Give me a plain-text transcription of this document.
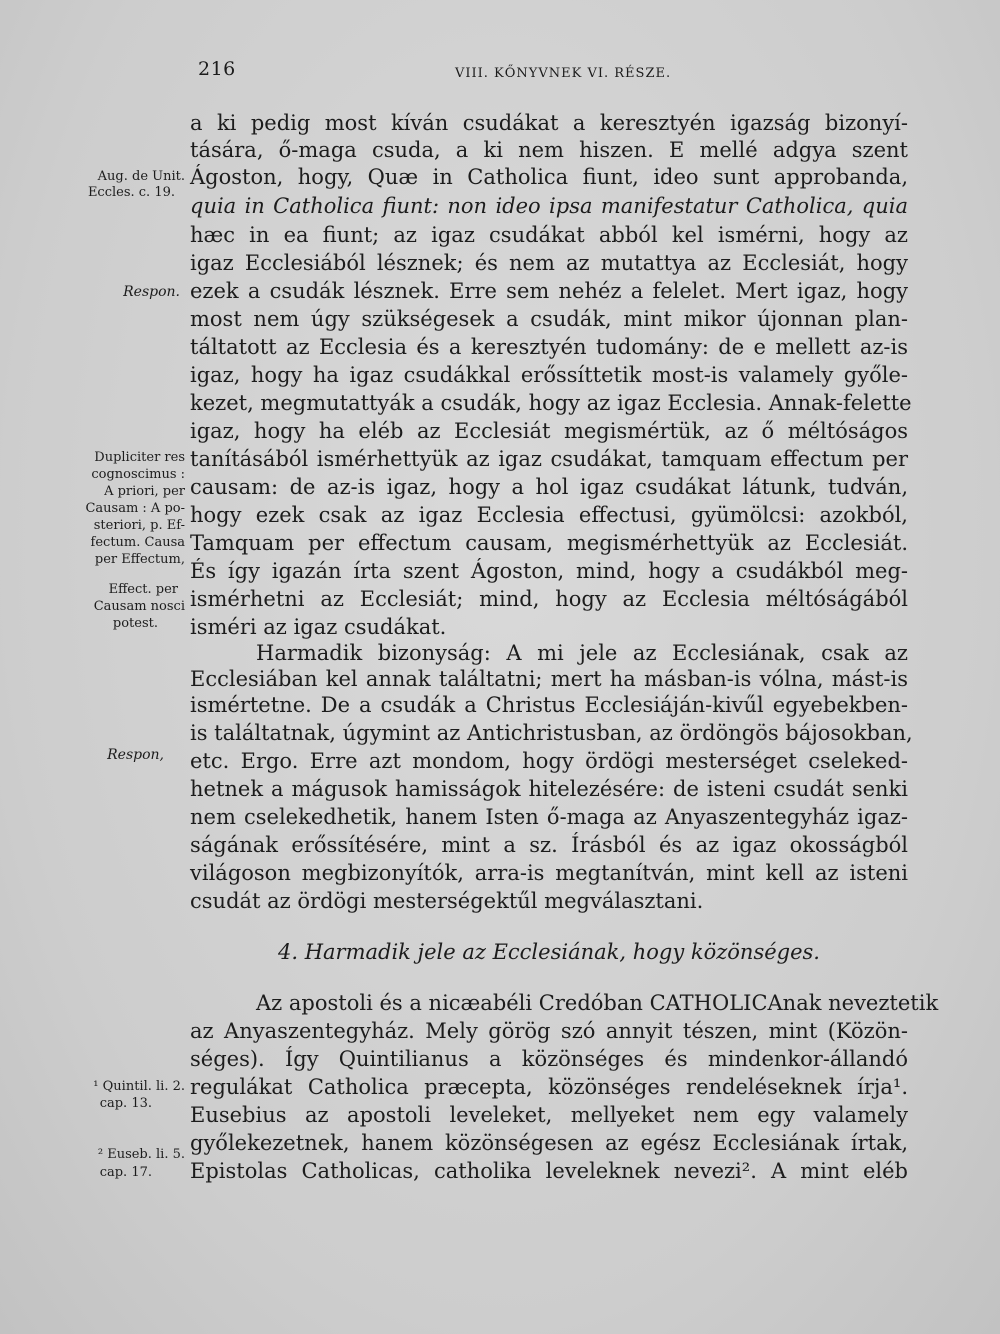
216	VIII. KŐNYVNEK VI. RÉSZE.
a ki pedig most kíván csudákat a keresztyén igazság bizonyí-
tására, ő-maga csuda, a ki nem hiszen. E mellé adgya szent
Ágoston, hogy, Quæ in Catholica fiunt, ideo sunt approbanda,
quia in Catholica fiunt: non ideo ipsa manifestatur Catholica, quia
hæc in ea fiunt; az igaz csudákat abból kel ismérni, hogy az
igaz Ecclesiából lésznek; és nem az mutattya az Ecclesiát, hogy
ezek a csudák lésznek. Erre sem nehéz a felelet. Mert igaz, hogy
most nem úgy szükségesek a csudák, mint mikor újonnan plan-
táltatott az Ecclesia és a keresztyén tudomány: de e mellett az-is
igaz, hogy ha igaz csudákkal erőssíttetik most-is valamely győle-
kezet, megmutattyák a csudák, hogy az igaz Ecclesia. Annak-felette
igaz, hogy ha eléb az Ecclesiát megismértük, az ő méltóságos
tanításából ismérhettyük az igaz csudákat, tamquam effectum per
causam: de az-is igaz, hogy a hol igaz csudákat látunk, tudván,
hogy ezek csak az igaz Ecclesia effectusi, gyümölcsi: azokból,
Tamquam per effectum causam, megismérhettyük az Ecclesiát.
És így igazán írta szent Ágoston, mind, hogy a csudákból meg-
ismérhetni az Ecclesiát; mind, hogy az Ecclesia méltóságából
isméri az igaz csudákat.
Harmadik bizonyság: A mi jele az Ecclesiának, csak az
Ecclesiában kel annak találtatni; mert ha másban-is vólna, mást-is
ismértetne. De a csudák a Christus Ecclesiáján-kivűl egyebekben-
is találtatnak, úgymint az Antichristusban, az ördöngös bájosokban,
etc. Ergo. Erre azt mondom, hogy ördögi mesterséget cseleked-
hetnek a mágusok hamisságok hitelezésére: de isteni csudát senki
nem cselekedhetik, hanem Isten ő-maga az Anyaszentegyház igaz-
ságának erőssítésére, mint a sz. Írásból és az igaz okosságból
világoson megbizonyítók, arra-is megtanítván, mint kell az isteni
csudát az ördögi mesterségektűl megválasztani.
4. Harmadik jele az Ecclesiának, hogy közönséges.
Az apostoli és a nicæabéli Credóban CATHOLICAnak neveztetik
az Anyaszentegyház. Mely görög szó annyit tészen, mint (Közön-
séges). Így Quintilianus a közönséges és mindenkor-állandó
regulákat Catholica præcepta, közönséges rendeléseknek írja¹.
Eusebius az apostoli leveleket, mellyeket nem egy valamely
győlekezetnek, hanem közönségesen az egész Ecclesiának írtak,
Epistolas Catholicas, catholika leveleknek nevezi². A mint eléb
Aug. de Unit.
Eccles. c. 19.
Respon.
Dupliciter res
cognoscimus :
A priori, per
Causam : A po-
steriori, p. Ef-
fectum. Causa
per Effectum,
Effect. per
Causam nosci
potest.
Respon,
¹ Quintil. li. 2.
cap. 13.
² Euseb. li. 5.
cap. 17.
